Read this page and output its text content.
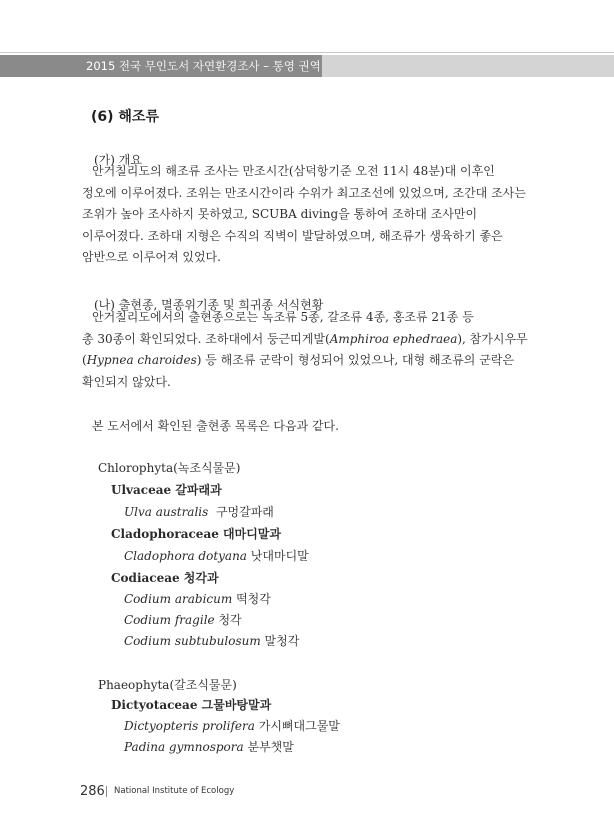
2015 전국 무인도서 자연환경조사 – 통영 권역
(6) 해조류
(가) 개요
안거칠리도의 해조류 조사는 만조시간(삼덕항기준 오전 11시 48분)대 이후인
정오에 이루어졌다. 조위는 만조시간이라 수위가 최고조선에 있었으며, 조간대 조사는
조위가 높아 조사하지 못하였고, SCUBA diving을 통하여 조하대 조사만이
이루어졌다. 조하대 지형은 수직의 직벽이 발달하였으며, 해조류가 생육하기 좋은
암반으로 이루어져 있었다.
(나) 출현종, 멸종위기종 및 희귀종 서식현황
안거칠리도에서의 출현종으로는 녹조류 5종, 갈조류 4종, 홍조류 21종 등
총 30종이 확인되었다. 조하대에서 둥근띠게발(Amphiroa ephedraea), 참가시우무
(Hypnea charoides) 등 해조류 군락이 형성되어 있었으나, 대형 해조류의 군락은
확인되지 않았다.
본 도서에서 확인된 출현종 목록은 다음과 같다.
Chlorophyta(녹조식물문)
Ulvaceae 갈파래과
Ulva australis 구멍갈파래
Cladophoraceae 대마디말과
Cladophora dotyana 낫대마디말
Codiaceae 청각과
Codium arabicum 떡청각
Codium fragile 청각
Codium subtubulosum 말청각
Phaeophyta(갈조식물문)
Dictyotaceae 그물바탕말과
Dictyopteris prolifera 가시뼈대그물말
Padina gymnospora 분부챗말
286 National Institute of Ecology
